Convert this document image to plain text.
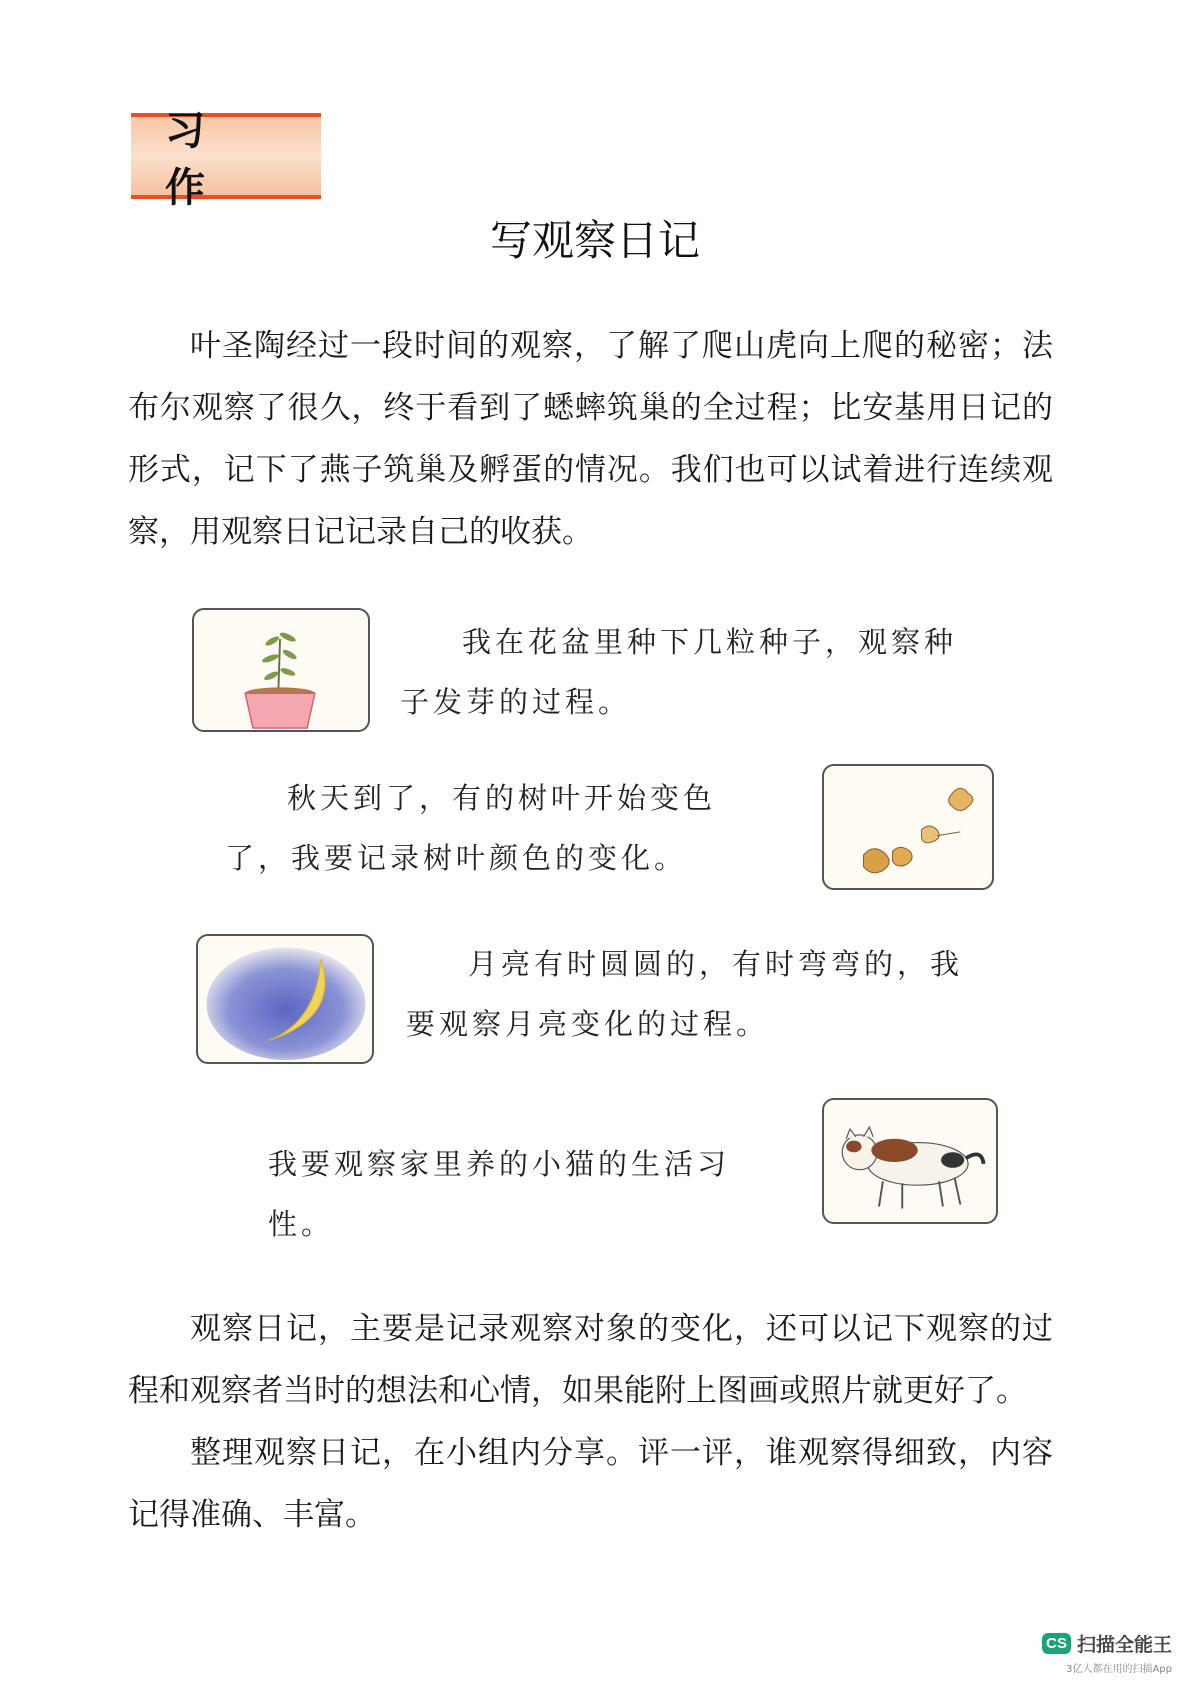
习 作
写观察日记

叶圣陶经过一段时间的观察，了解了爬山虎向上爬的秘密；法布尔观察了很久，终于看到了蟋蟀筑巢的全过程；比安基用日记的形式，记下了燕子筑巢及孵蛋的情况。我们也可以试着进行连续观察，用观察日记记录自己的收获。

我在花盆里种下几粒种子，观察种子发芽的过程。

秋天到了，有的树叶开始变色了，我要记录树叶颜色的变化。

月亮有时圆圆的，有时弯弯的，我要观察月亮变化的过程。

我要观察家里养的小猫的生活习性。

观察日记，主要是记录观察对象的变化，还可以记下观察的过程和观察者当时的想法和心情，如果能附上图画或照片就更好了。

整理观察日记，在小组内分享。评一评，谁观察得细致，内容记得准确、丰富。

CS 扫描全能王
3亿人都在用的扫描App
